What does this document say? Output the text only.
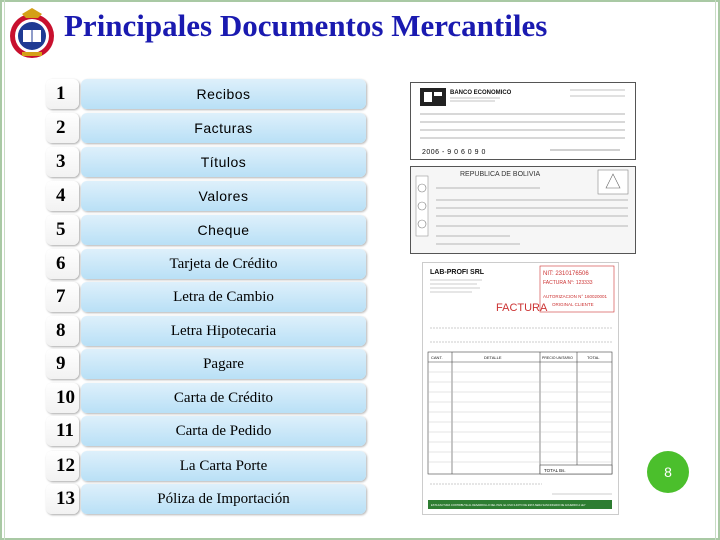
Principales Documentos Mercantiles
1	Recibos
2	Facturas
3	Títulos
4	Valores
5	Cheque
6	Tarjeta de Crédito
7	Letra de Cambio
8	Letra Hipotecaria
9	Pagare
10	Carta de Crédito
11	Carta de Pedido
12	La Carta Porte
13	Póliza de Importación
BANCO ECONOMICO
2006 - 9 0 6 0 9 0
REPUBLICA DE BOLIVIA
LAB-PROFI SRL	NIT: 2310176506
FACTURA N°: 123333
AUTORIZACION N° 160020001
ORIGINAL CLIENTE
FACTURA
CANT.	DETALLE	PRECIO UNITARIO	TOTAL
TOTAL Bs.
ESTA FACTURA CONTRIBUYE AL DESARROLLO DEL PAIS. EL USO ILICITO DE ESTA SERA SANCIONADO DE ACUERDO A LEY
8
